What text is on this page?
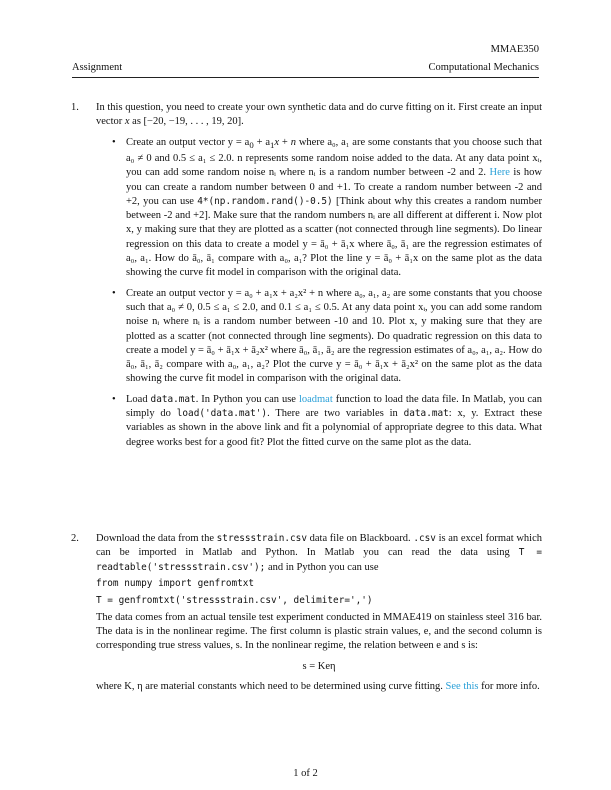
MMAE350
Assignment	Computational Mechanics
1. In this question, you need to create your own synthetic data and do curve fitting on it. First create an input vector x as [−20, −19, . . . , 19, 20].
• Create an output vector $y = a_0 + a_1x + n$ where a₀, a₁ are some constants that you choose such that a₀ ≠ 0 and 0.5 ≤ a₁ ≤ 2.0. n represents some random noise added to the data. At any data point xᵢ, you can add some random noise nᵢ where nᵢ is a random number between -2 and 2. Here is how you can create a random number between 0 and +1. To create a random number between -2 and +2, you can use 4*(np.random.rand()-0.5) [Think about why this creates a random number between -2 and +2]. Make sure that the random numbers nᵢ are all different at different i. Now plot x, y making sure that they are plotted as a scatter (not connected through line segments). Do linear regression on this data to create a model y = ā₀ + ā₁x where ā₀, ā₁ are the regression estimates of a₀, a₁. How do ā₀, ā₁ compare with a₀, a₁? Plot the line y = ā₀ + ā₁x on the same plot as the data showing the curve fit model in comparison with the original data.
• Create an output vector y = a₀ + a₁x + a₂x² + n where a₀, a₁, a₂ are some constants that you choose such that a₀ ≠ 0, 0.5 ≤ a₁ ≤ 2.0, and 0.1 ≤ a₁ ≤ 0.5. At any data point xᵢ, you can add some random noise nᵢ where nᵢ is a random number between -10 and 10. Plot x, y making sure that they are plotted as a scatter (not connected through line segments). Do quadratic regression on this data to create a model y = ā₀ + ā₁x + ā₂x² where ā₀, ā₁, ā₂ are the regression estimates of a₀, a₁, a₂. How do ā₀, ā₁, ā₂ compare with a₀, a₁, a₂? Plot the curve y = ā₀ + ā₁x + ā₂x² on the same plot as the data showing the curve fit model in comparison with the original data.
• Load data.mat. In Python you can use loadmat function to load the data file. In Matlab, you can simply do load('data.mat'). There are two variables in data.mat: x, y. Extract these variables as shown in the above link and fit a polynomial of appropriate degree to this data. What degree works best for a good fit? Plot the fitted curve on the same plot as the data.
2. Download the data from the stressstrain.csv data file on Blackboard. .csv is an excel format which can be imported in Matlab and Python. In Matlab you can read the data using T = readtable('stressstrain.csv'); and in Python you can use
from numpy import genfromtxt
T = genfromtxt('stressstrain.csv', delimiter=',')
The data comes from an actual tensile test experiment conducted in MMAE419 on stainless steel 316 bar. The data is in the nonlinear regime. The first column is plastic strain values, e, and the second column is corresponding true stress values, s. In the nonlinear regime, the relation between e and s is:
s = Keη
where K, η are material constants which need to be determined using curve fitting. See this for more info.
1 of 2
